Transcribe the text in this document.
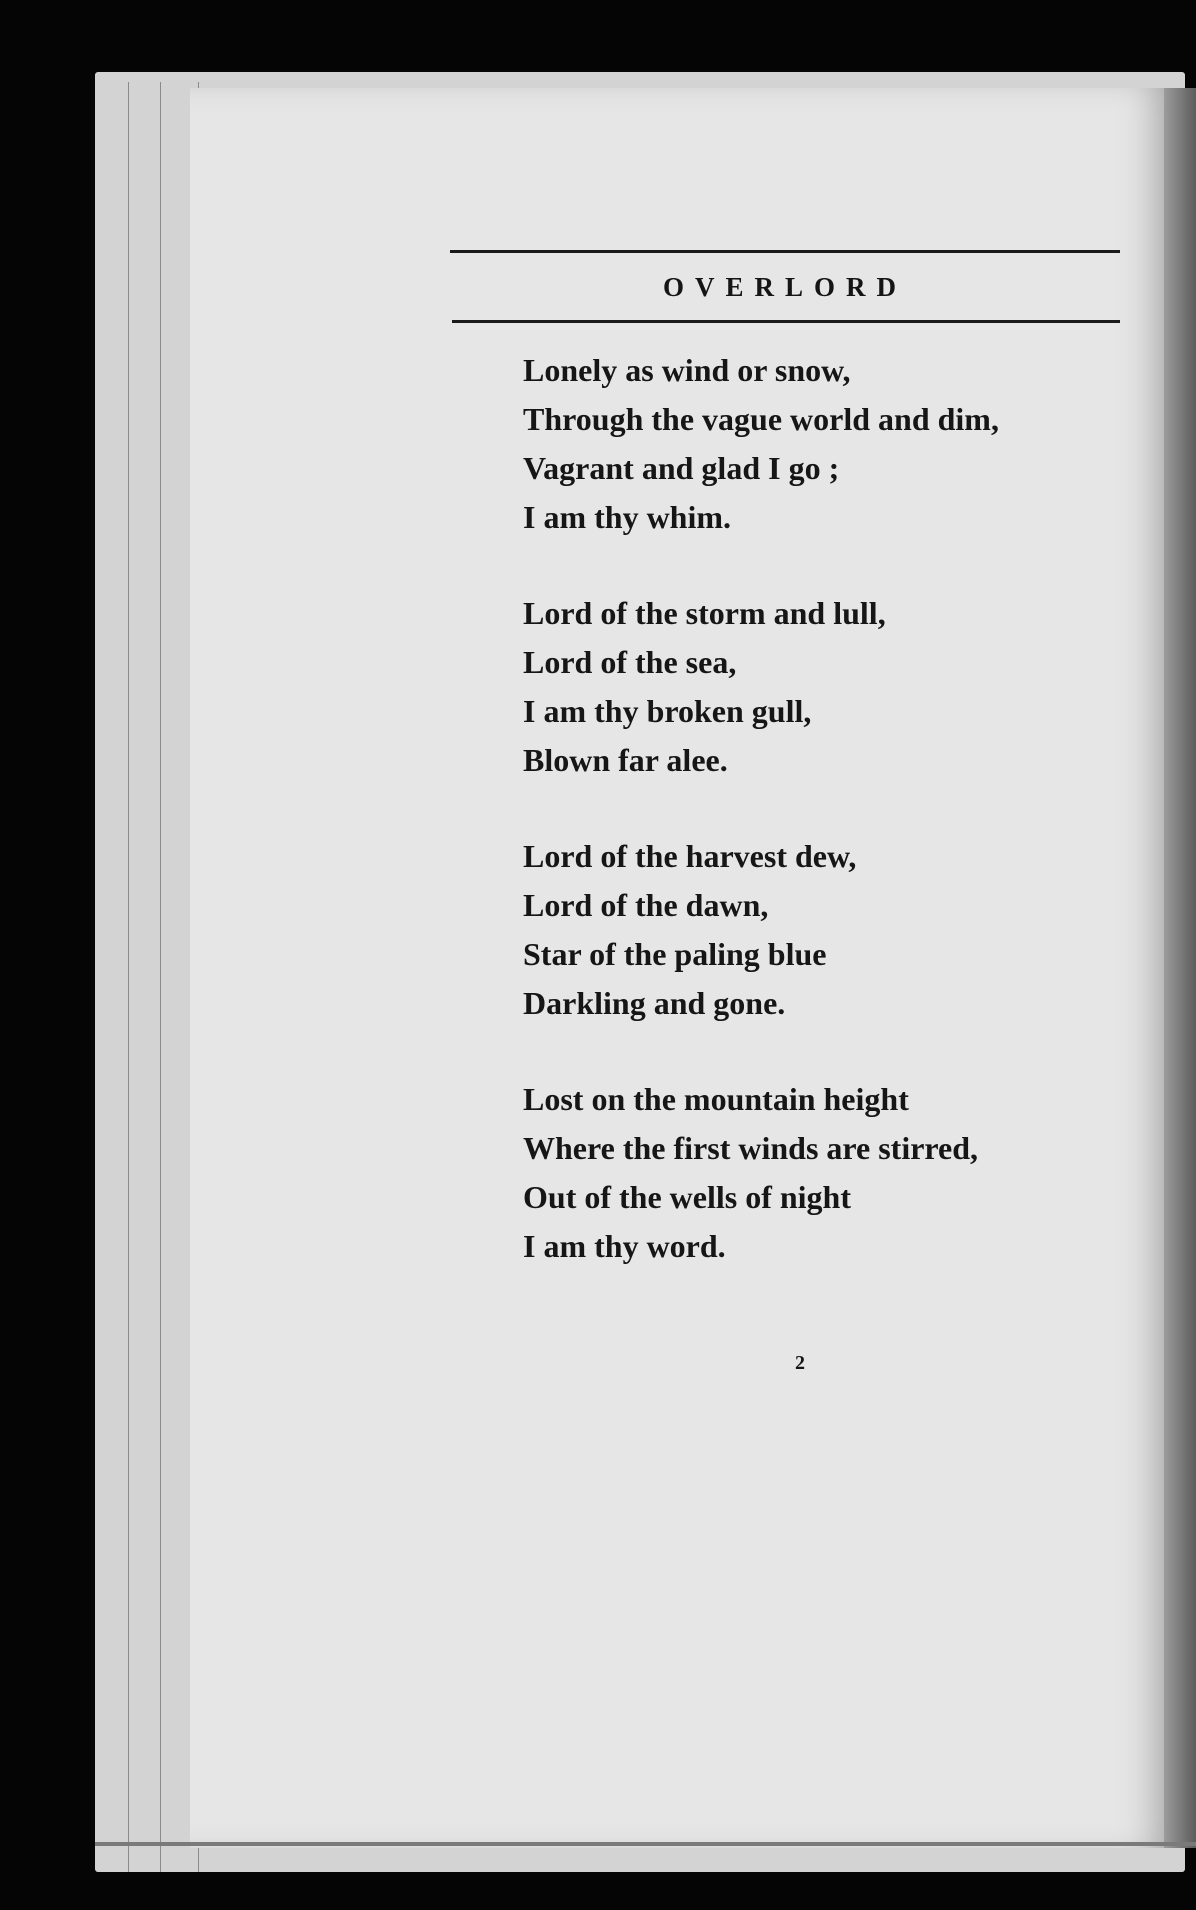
OVERLORD
Lonely as wind or snow,
Through the vague world and dim,
Vagrant and glad I go ;
I am thy whim.
Lord of the storm and lull,
Lord of the sea,
I am thy broken gull,
Blown far alee.
Lord of the harvest dew,
Lord of the dawn,
Star of the paling blue
Darkling and gone.
Lost on the mountain height
Where the first winds are stirred,
Out of the wells of night
I am thy word.
2
